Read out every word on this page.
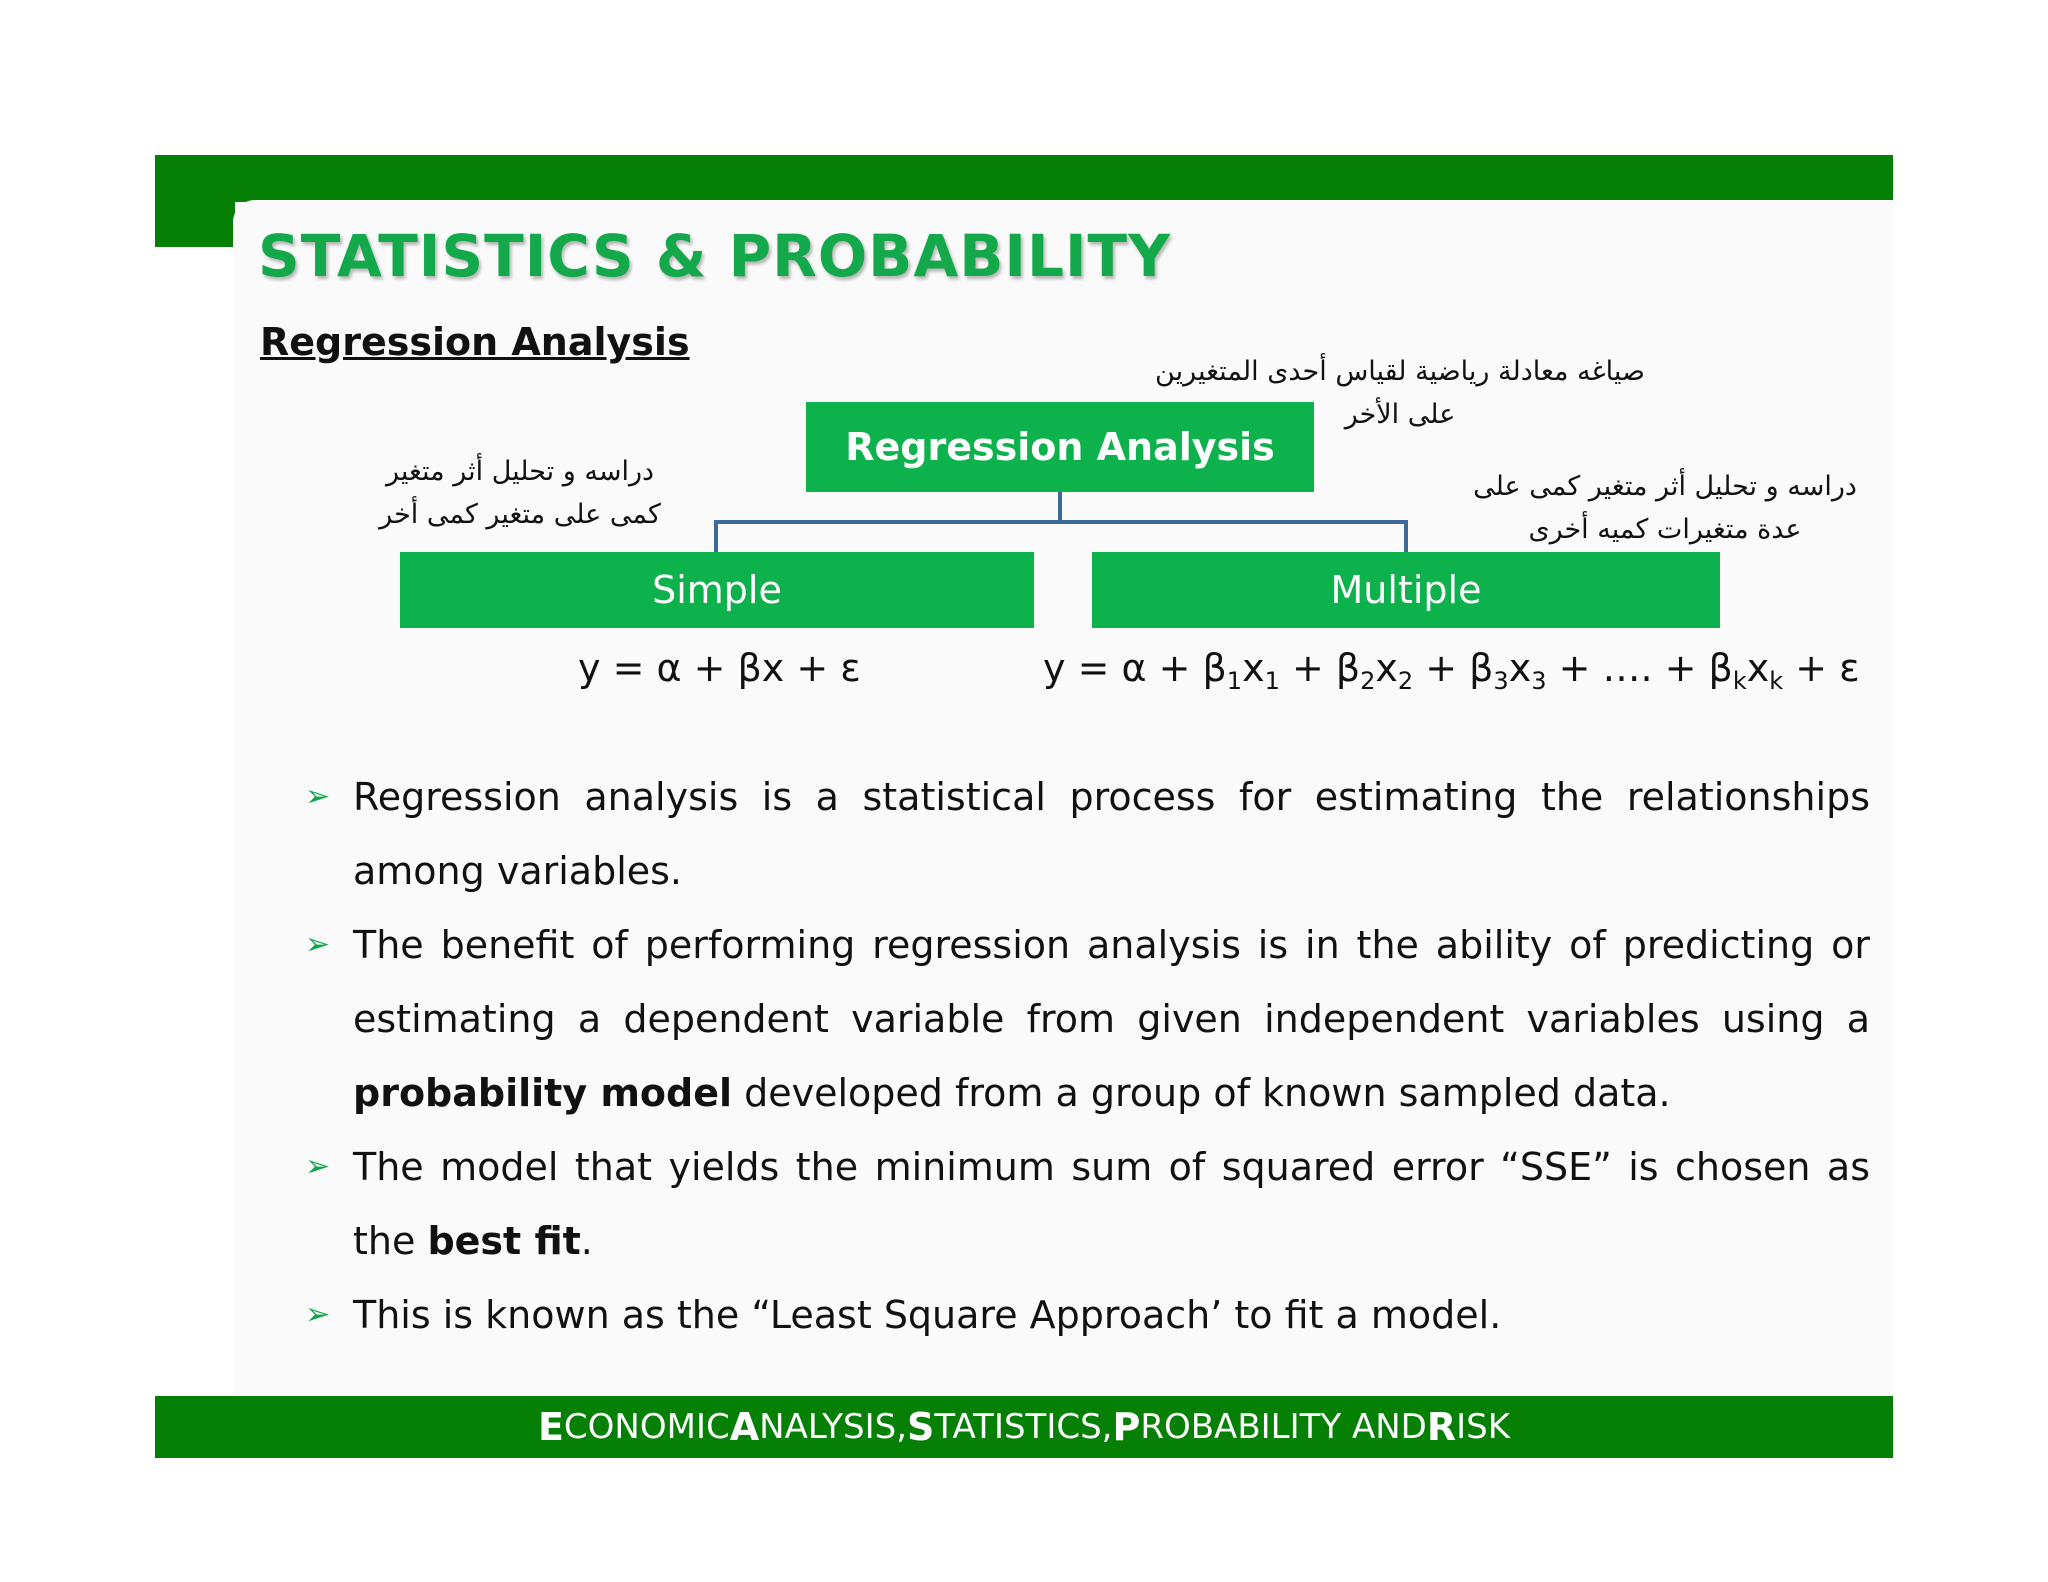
STATISTICS & PROBABILITY
Regression Analysis
صياغه معادلة رياضية لقياس أحدى المتغيرين على الأخر
دراسه و تحليل أثر متغير كمى على متغير كمى أخر
دراسه و تحليل أثر متغير كمى على عدة متغيرات كميه أخرى
Regression Analysis
Simple	Multiple
y = α + βx + ε	$y = \alpha + \beta_1x_1 + \beta_2x_2 + \beta_3x_3$ + …. + $\beta_kx_k + \varepsilon$
➢ Regression analysis is a statistical process for estimating the relationships among variables.
➢ The benefit of performing regression analysis is in the ability of predicting or estimating a dependent variable from given independent variables using a probability model developed from a group of known sampled data.
➢ The model that yields the minimum sum of squared error “SSE” is chosen as the best fit.
➢ This is known as the “Least Square Approach’ to fit a model.
E CONOMIC A NALYSIS, S TATISTICS, P ROBABILITY AND R ISK
